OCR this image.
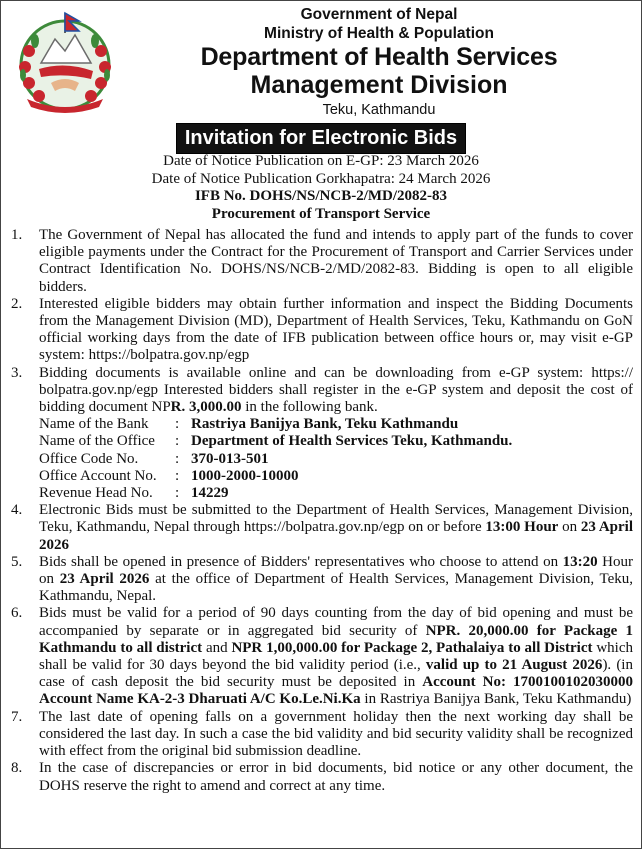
Government of Nepal
Ministry of Health & Population
Department of Health Services
Management Division
Teku, Kathmandu
Invitation for Electronic Bids
Date of Notice Publication on E-GP: 23 March 2026
Date of Notice Publication Gorkhapatra: 24 March 2026
IFB No. DOHS/NS/NCB-2/MD/2082-83
Procurement of Transport Service
1. The Government of Nepal has allocated the fund and intends to apply part of the funds to cover eligible payments under the Contract for the Procurement of Transport and Carrier Services under Contract Identification No. DOHS/NS/NCB-2/MD/2082-83. Bidding is open to all eligible bidders.
2. Interested eligible bidders may obtain further information and inspect the Bidding Documents from the Management Division (MD), Department of Health Services, Teku, Kathmandu on GoN official working days from the date of IFB publication between office hours or, may visit e-GP system: https://bolpatra.gov.np/egp
3. Bidding documents is available online and can be downloading from e-GP system: https:// bolpatra.gov.np/egp Interested bidders shall register in the e-GP system and deposit the cost of bidding document NPR. 3,000.00 in the following bank.
Name of the Bank	: Rastriya Banijya Bank, Teku Kathmandu
Name of the Office	: Department of Health Services Teku, Kathmandu.
Office Code No.	: 370-013-501
Office Account No.	: 1000-2000-10000
Revenue Head No.	: 14229
4. Electronic Bids must be submitted to the Department of Health Services, Management Division, Teku, Kathmandu, Nepal through https://bolpatra.gov.np/egp on or before 13:00 Hour on 23 April 2026
5. Bids shall be opened in presence of Bidders' representatives who choose to attend on 13:20 Hour on 23 April 2026 at the office of Department of Health Services, Management Division, Teku, Kathmandu, Nepal.
6. Bids must be valid for a period of 90 days counting from the day of bid opening and must be accompanied by separate or in aggregated bid security of NPR. 20,000.00 for Package 1 Kathmandu to all district and NPR 1,00,000.00 for Package 2, Pathalaiya to all District which shall be valid for 30 days beyond the bid validity period (i.e., valid up to 21 August 2026). (in case of cash deposit the bid security must be deposited in Account No: 1700100102030000 Account Name KA-2-3 Dharuati A/C Ko.Le.Ni.Ka in Rastriya Banijya Bank, Teku Kathmandu)
7. The last date of opening falls on a government holiday then the next working day shall be considered the last day. In such a case the bid validity and bid security validity shall be recognized with effect from the original bid submission deadline.
8. In the case of discrepancies or error in bid documents, bid notice or any other document, the DOHS reserve the right to amend and correct at any time.
